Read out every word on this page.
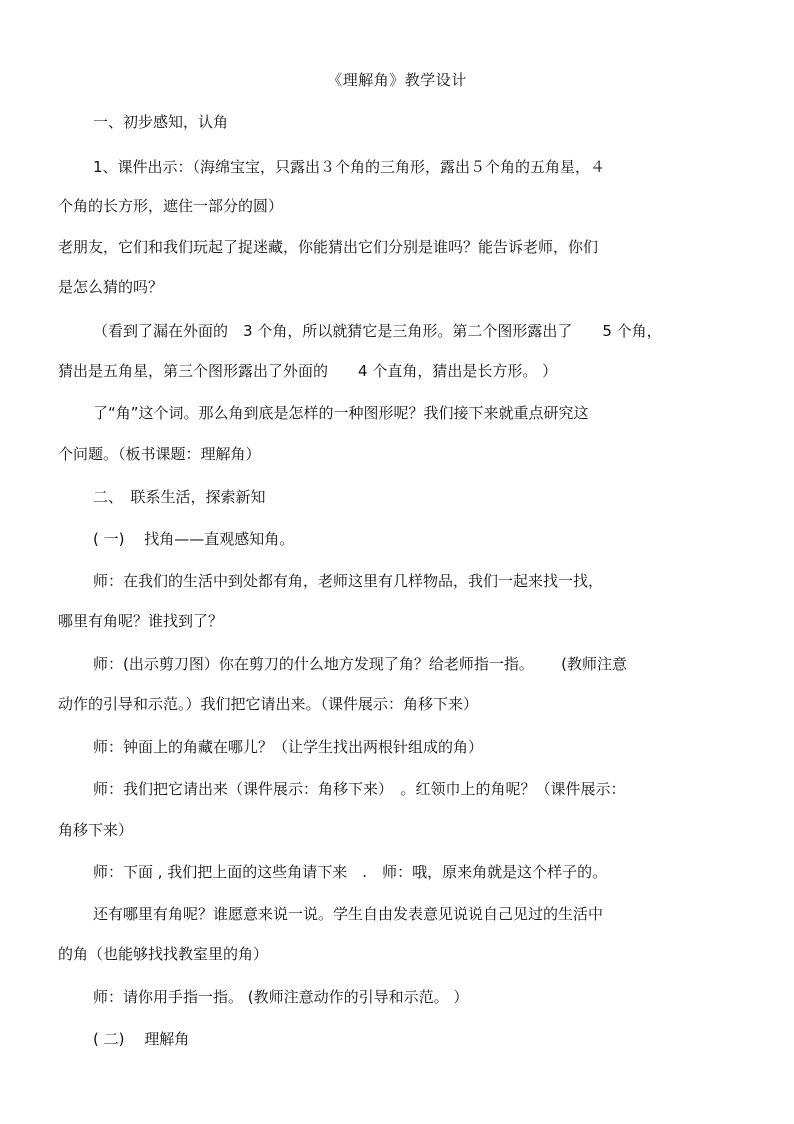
《理解角》教学设计

一、初步感知，认角

1、课件出示：（海绵宝宝，只露出３个角的三角形，露出５个角的五角星，４

个角的长方形，遮住一部分的圆）

老朋友，它们和我们玩起了捉迷藏，你能猜出它们分别是谁吗？能告诉老师，你们

是怎么猜的吗？

（看到了漏在外面的　3 个角，所以就猜它是三角形。第二个图形露出了　　5 个角，

猜出是五角星，第三个图形露出了外面的　　4 个直角，猜出是长方形。 ）

了“角”这个词。那么角到底是怎样的一种图形呢？我们接下来就重点研究这

个问题。（板书课题：理解角）

二、　联系生活，探索新知

( 一)　 找角——直观感知角。

师：在我们的生活中到处都有角，老师这里有几样物品，我们一起来找一找，

哪里有角呢？谁找到了？

师：(出示剪刀图）你在剪刀的什么地方发现了角？给老师指一指。　　 (教师注意

动作的引导和示范。）我们把它请出来。（课件展示：角移下来）

师：钟面上的角藏在哪儿？（让学生找出两根针组成的角）

师：我们把它请出来（课件展示：角移下来）　。红领巾上的角呢？（课件展示：

角移下来）

师：下面 , 我们把上面的这些角请下来　.　师：哦，原来角就是这个样子的。

还有哪里有角呢？谁愿意来说一说。学生自由发表意见说说自己见过的生活中

的角（也能够找找教室里的角）

师：请你用手指一指。 (教师注意动作的引导和示范。 ）

( 二)　 理解角
